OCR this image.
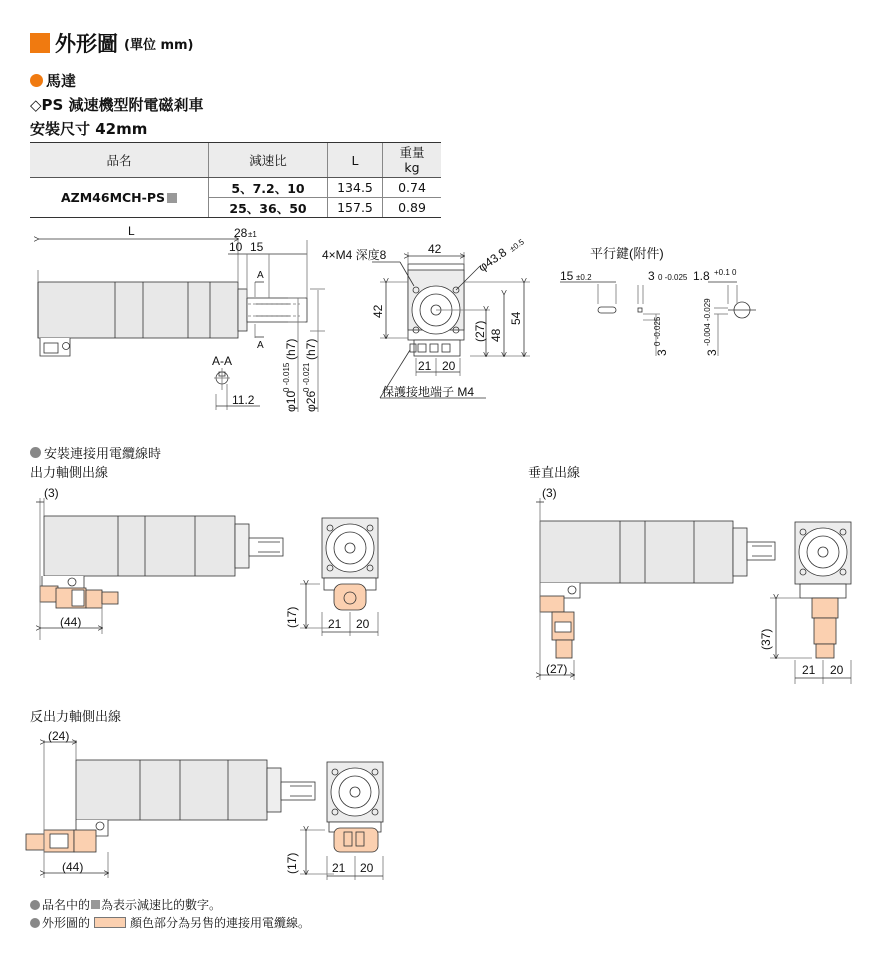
外形圖 (單位 mm)
馬達
◇PS 減速機型附電磁剎車
安裝尺寸 42mm
品名	減速比	L	重量
kg
AZM46MCH-PS	5、7.2、10	134.5	0.74
	25、36、50	157.5	0.89
L	28 ±1
10 15
A
A
A-A
11.2 φ10
0 -0.015
(h7)
φ26
0 -0.021
(h7)
42
42
4×M4 深度8	φ43.8
±0.5
54
48
(27)
21 20
保護接地端子 M4
平行鍵(附件)
15 ±0.2	3 0 -0.025 1.8 +0.1 0
3
0 -0.025
3
-0.004 -0.029
(3)
(44)	(17) 21 20
(3)
(27)
(37)
21 20
(24)
(44)	(17)	21 20
安裝連接用電纜線時
出力軸側出線	垂直出線
反出力軸側出線
品名中的 為表示減速比的數字。
外形圖的	顏色部分為另售的連接用電纜線。
